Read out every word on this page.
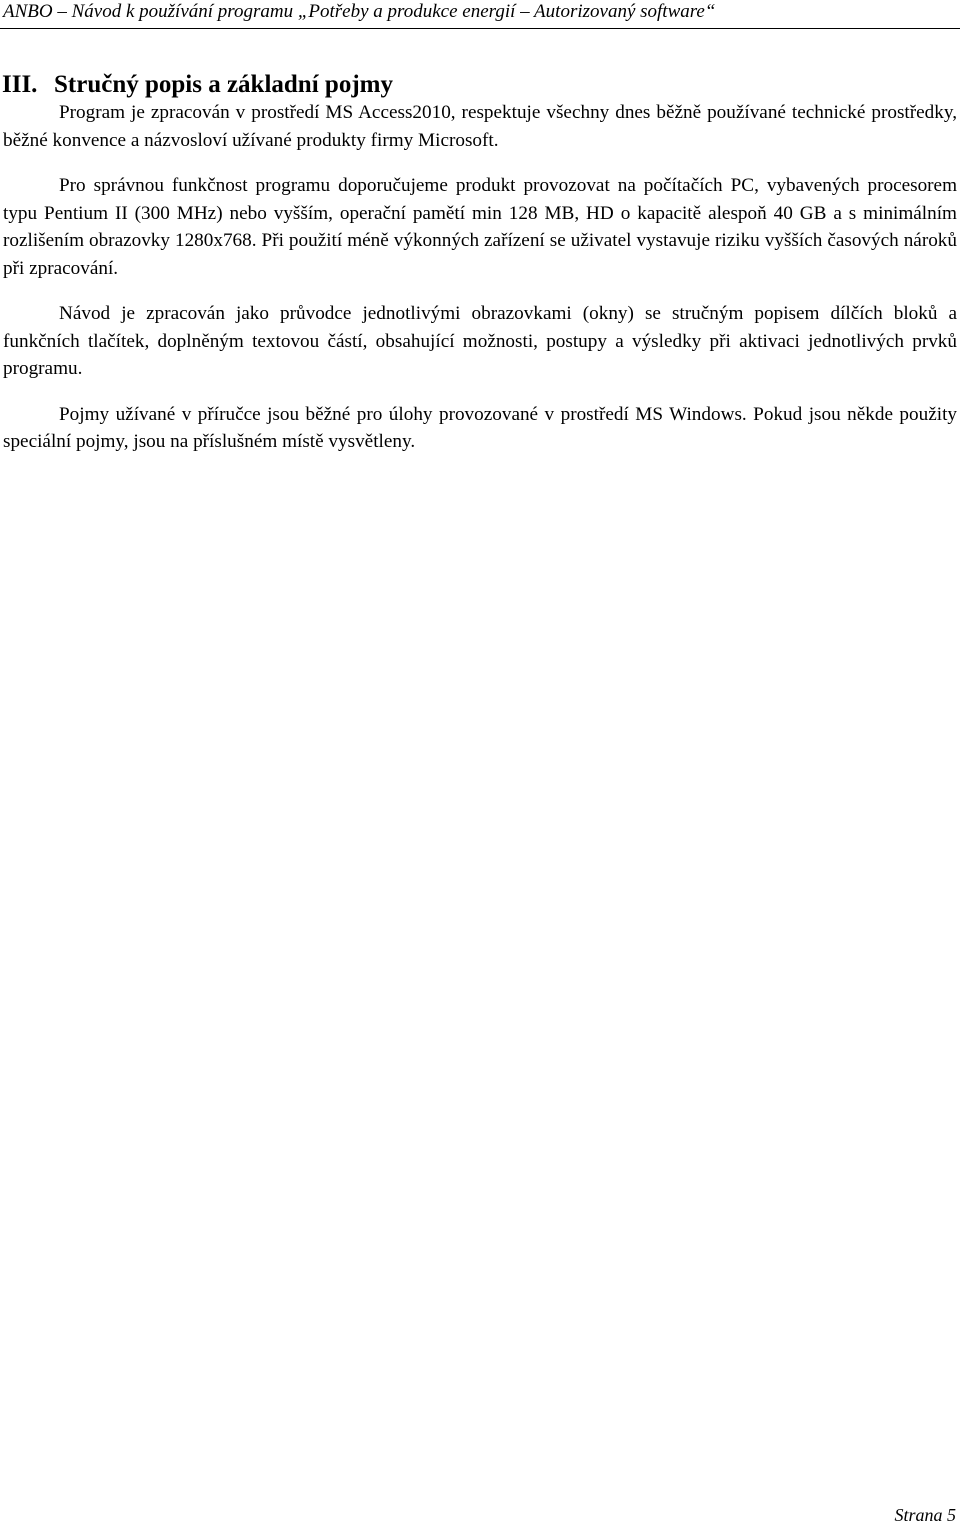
ANBO – Návod k používání programu „Potřeby a produkce energií – Autorizovaný software“
III. Stručný popis a základní pojmy

Program je zpracován v prostředí MS Access2010, respektuje všechny dnes běžně používané technické prostředky, běžné konvence a názvosloví užívané produkty firmy Microsoft.

Pro správnou funkčnost programu doporučujeme produkt provozovat na počítačích PC, vybavených procesorem typu Pentium II (300 MHz) nebo vyšším, operační pamětí min 128 MB, HD o kapacitě alespoň 40 GB a s minimálním rozlišením obrazovky 1280x768. Při použití méně výkonných zařízení se uživatel vystavuje riziku vyšších časových nároků při zpracování.

Návod je zpracován jako průvodce jednotlivými obrazovkami (okny) se stručným popisem dílčích bloků a funkčních tlačítek, doplněným textovou částí, obsahující možnosti, postupy a výsledky při aktivaci jednotlivých prvků programu.

Pojmy užívané v příručce jsou běžné pro úlohy provozované v prostředí MS Windows. Pokud jsou někde použity speciální pojmy, jsou na příslušném místě vysvětleny.

Strana 5
